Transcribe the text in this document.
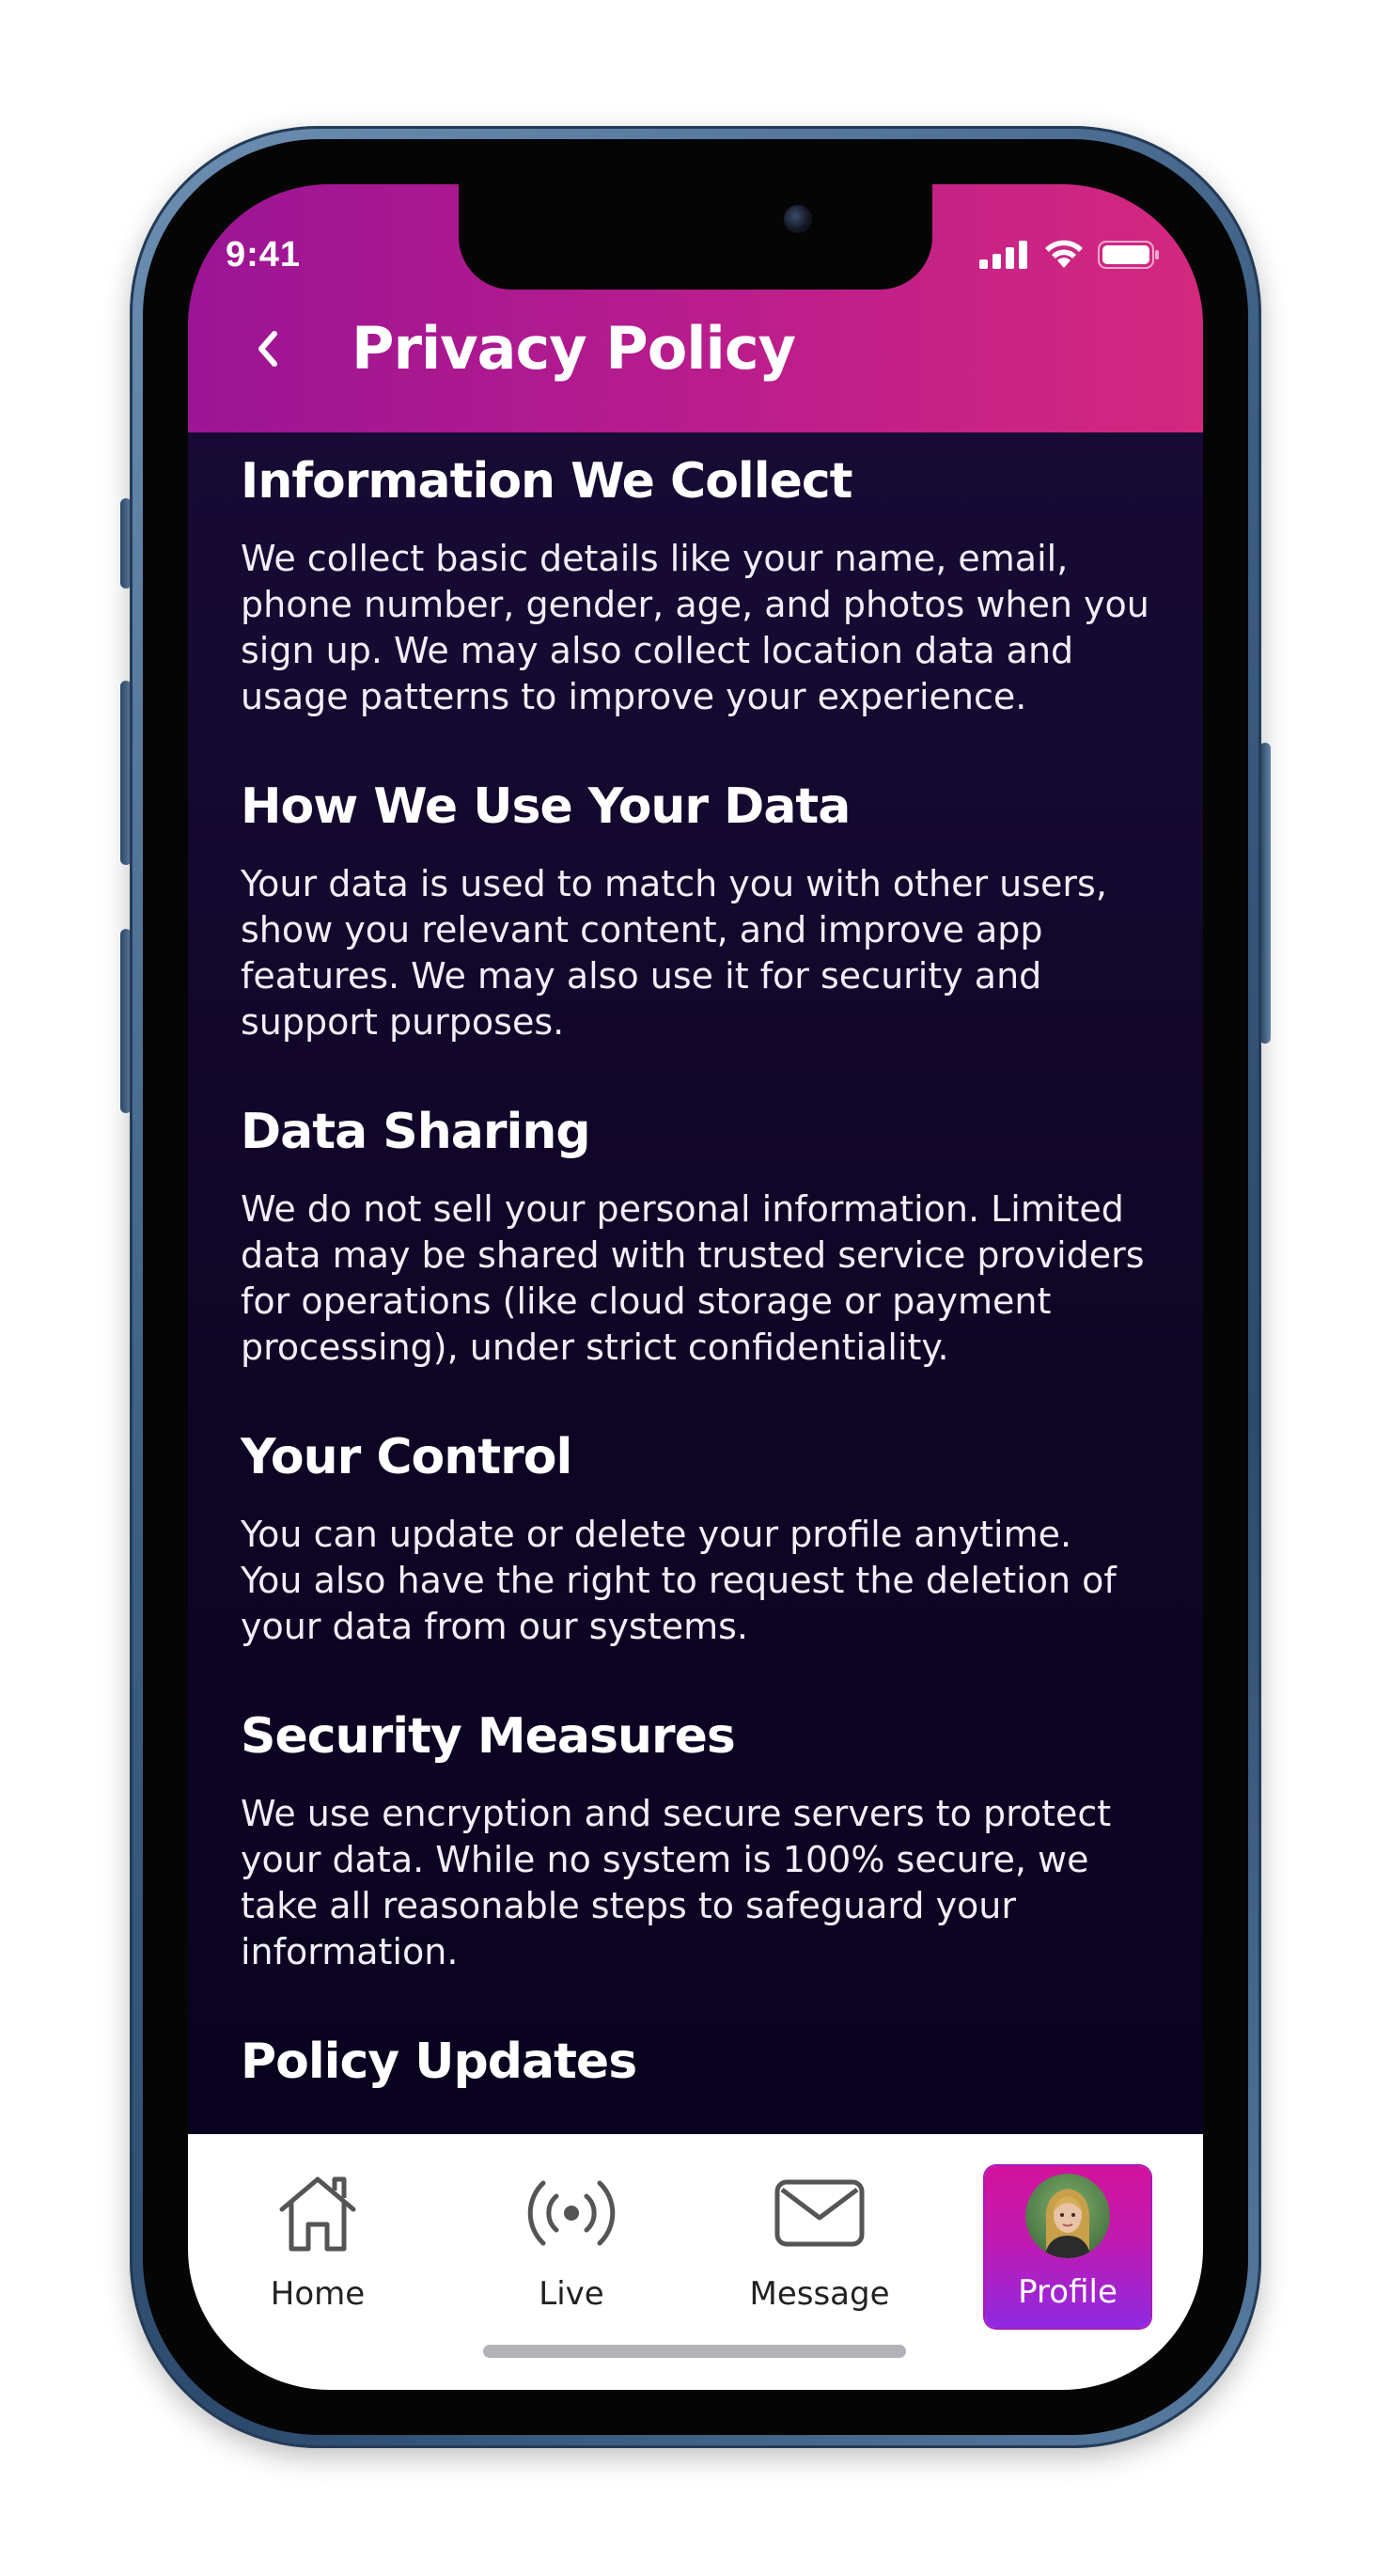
9:41
Privacy Policy
Information We Collect

We collect basic details like your name, email,
phone number, gender, age, and photos when you
sign up. We may also collect location data and
usage patterns to improve your experience.

How We Use Your Data

Your data is used to match you with other users,
show you relevant content, and improve app
features. We may also use it for security and
support purposes.

Data Sharing

We do not sell your personal information. Limited
data may be shared with trusted service providers
for operations (like cloud storage or payment
processing), under strict confidentiality.

Your Control

You can update or delete your profile anytime.
You also have the right to request the deletion of
your data from our systems.

Security Measures

We use encryption and secure servers to protect
your data. While no system is 100% secure, we
take all reasonable steps to safeguard your
information.

Policy Updates
Home	Live	Message	Profile
